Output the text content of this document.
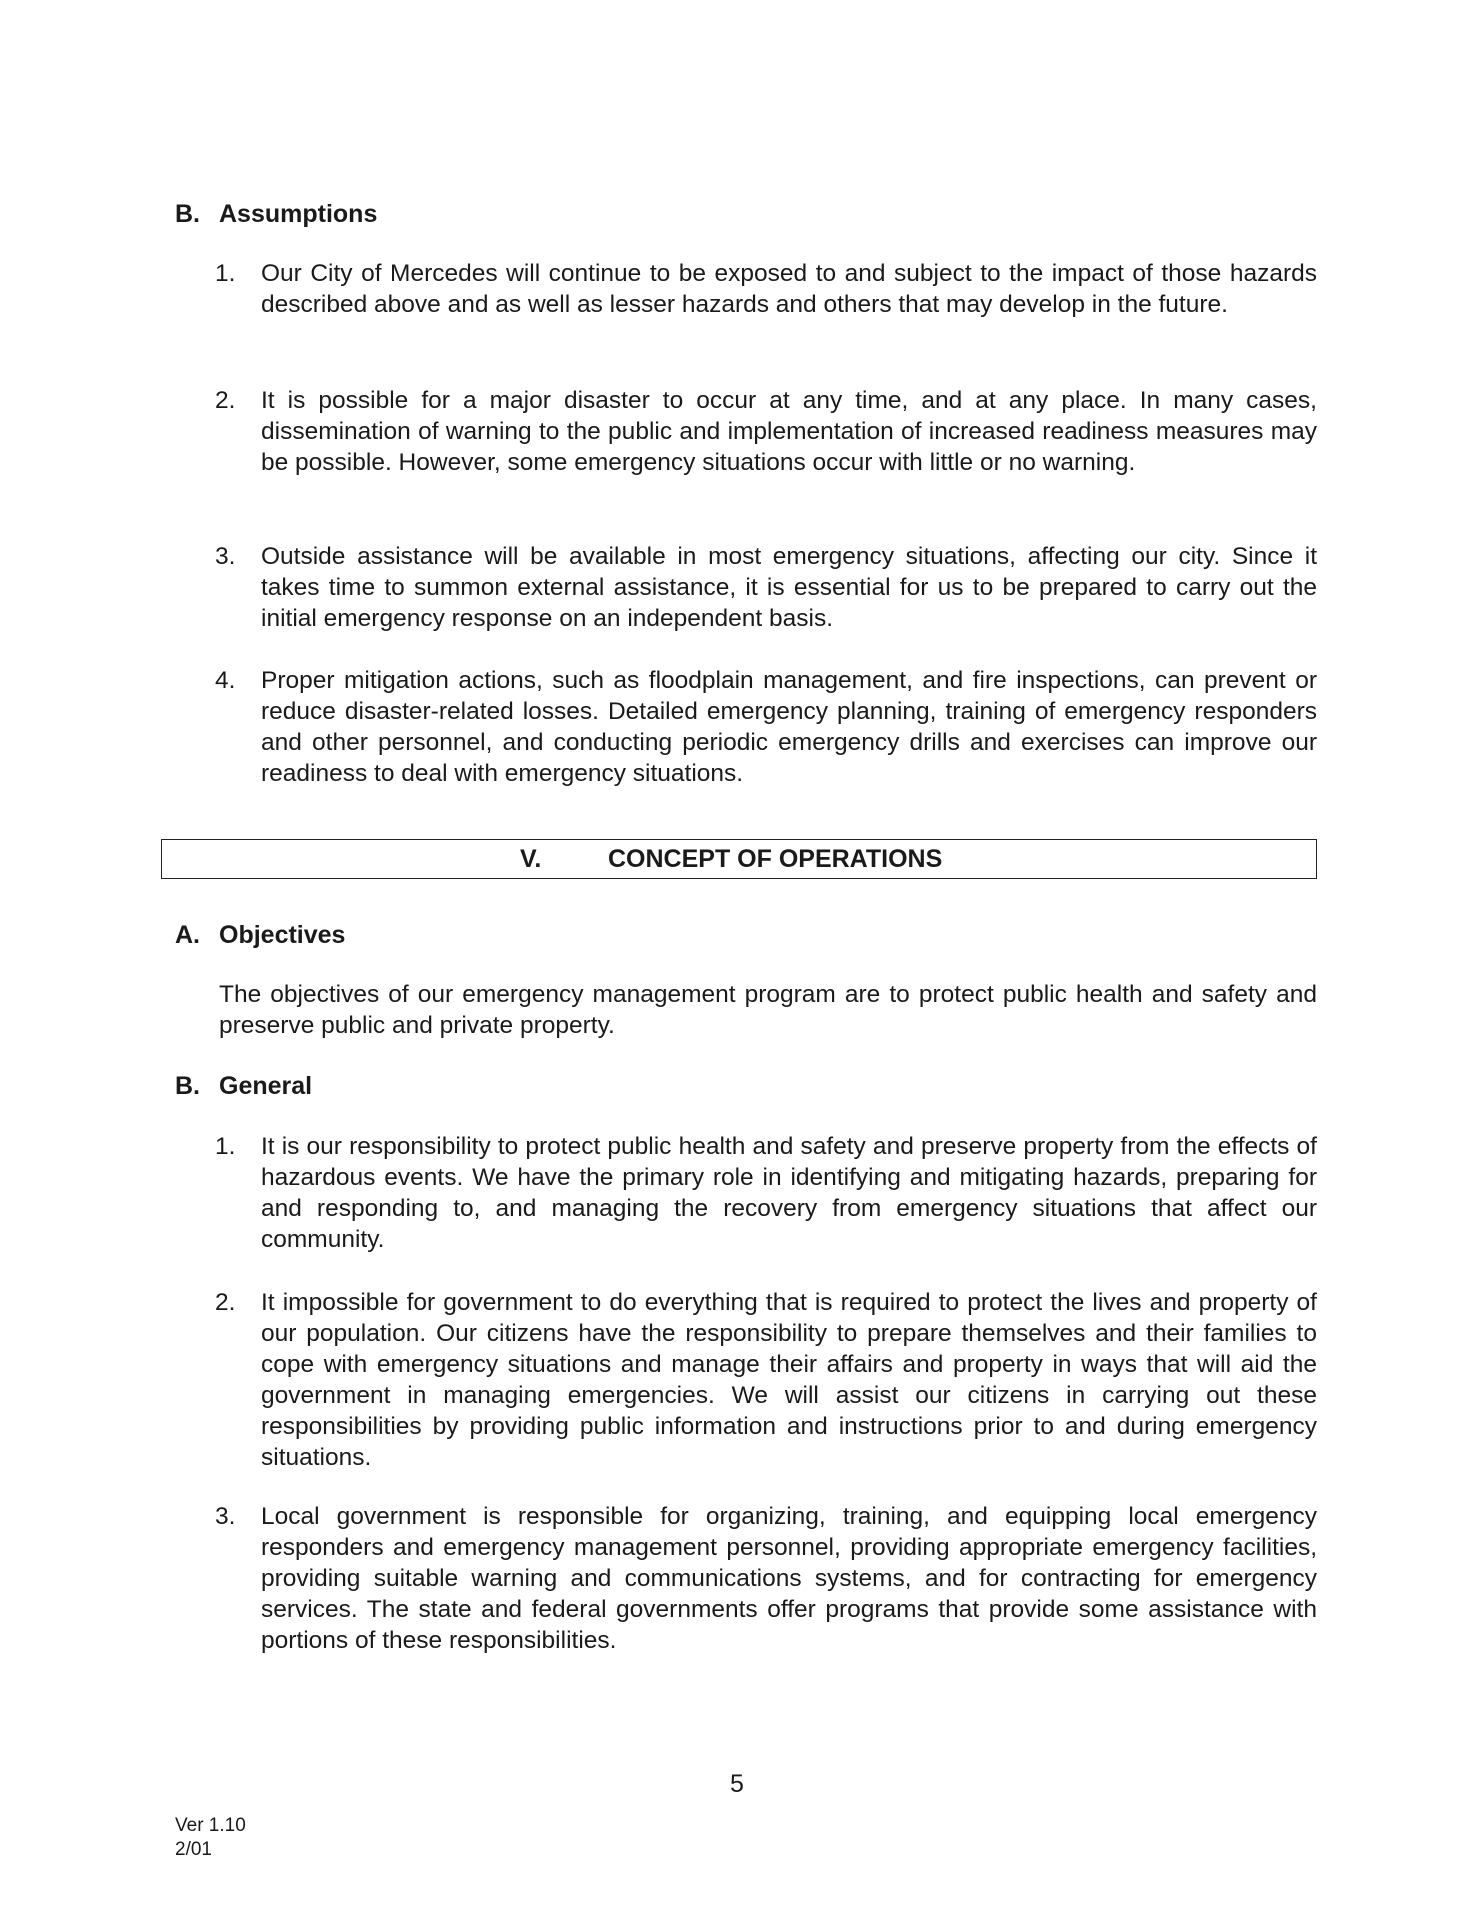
B. Assumptions
1. Our City of Mercedes will continue to be exposed to and subject to the impact of those hazards described above and as well as lesser hazards and others that may develop in the future.
2. It is possible for a major disaster to occur at any time, and at any place. In many cases, dissemination of warning to the public and implementation of increased readiness measures may be possible. However, some emergency situations occur with little or no warning.
3. Outside assistance will be available in most emergency situations, affecting our city. Since it takes time to summon external assistance, it is essential for us to be prepared to carry out the initial emergency response on an independent basis.
4. Proper mitigation actions, such as floodplain management, and fire inspections, can prevent or reduce disaster-related losses. Detailed emergency planning, training of emergency responders and other personnel, and conducting periodic emergency drills and exercises can improve our readiness to deal with emergency situations.
V.	CONCEPT OF OPERATIONS
A. Objectives
The objectives of our emergency management program are to protect public health and safety and preserve public and private property.
B. General
1. It is our responsibility to protect public health and safety and preserve property from the effects of hazardous events. We have the primary role in identifying and mitigating hazards, preparing for and responding to, and managing the recovery from emergency situations that affect our community.
2. It impossible for government to do everything that is required to protect the lives and property of our population. Our citizens have the responsibility to prepare themselves and their families to cope with emergency situations and manage their affairs and property in ways that will aid the government in managing emergencies. We will assist our citizens in carrying out these responsibilities by providing public information and instructions prior to and during emergency situations.
3. Local government is responsible for organizing, training, and equipping local emergency responders and emergency management personnel, providing appropriate emergency facilities, providing suitable warning and communications systems, and for contracting for emergency services. The state and federal governments offer programs that provide some assistance with portions of these responsibilities.
5
Ver 1.10
2/01
